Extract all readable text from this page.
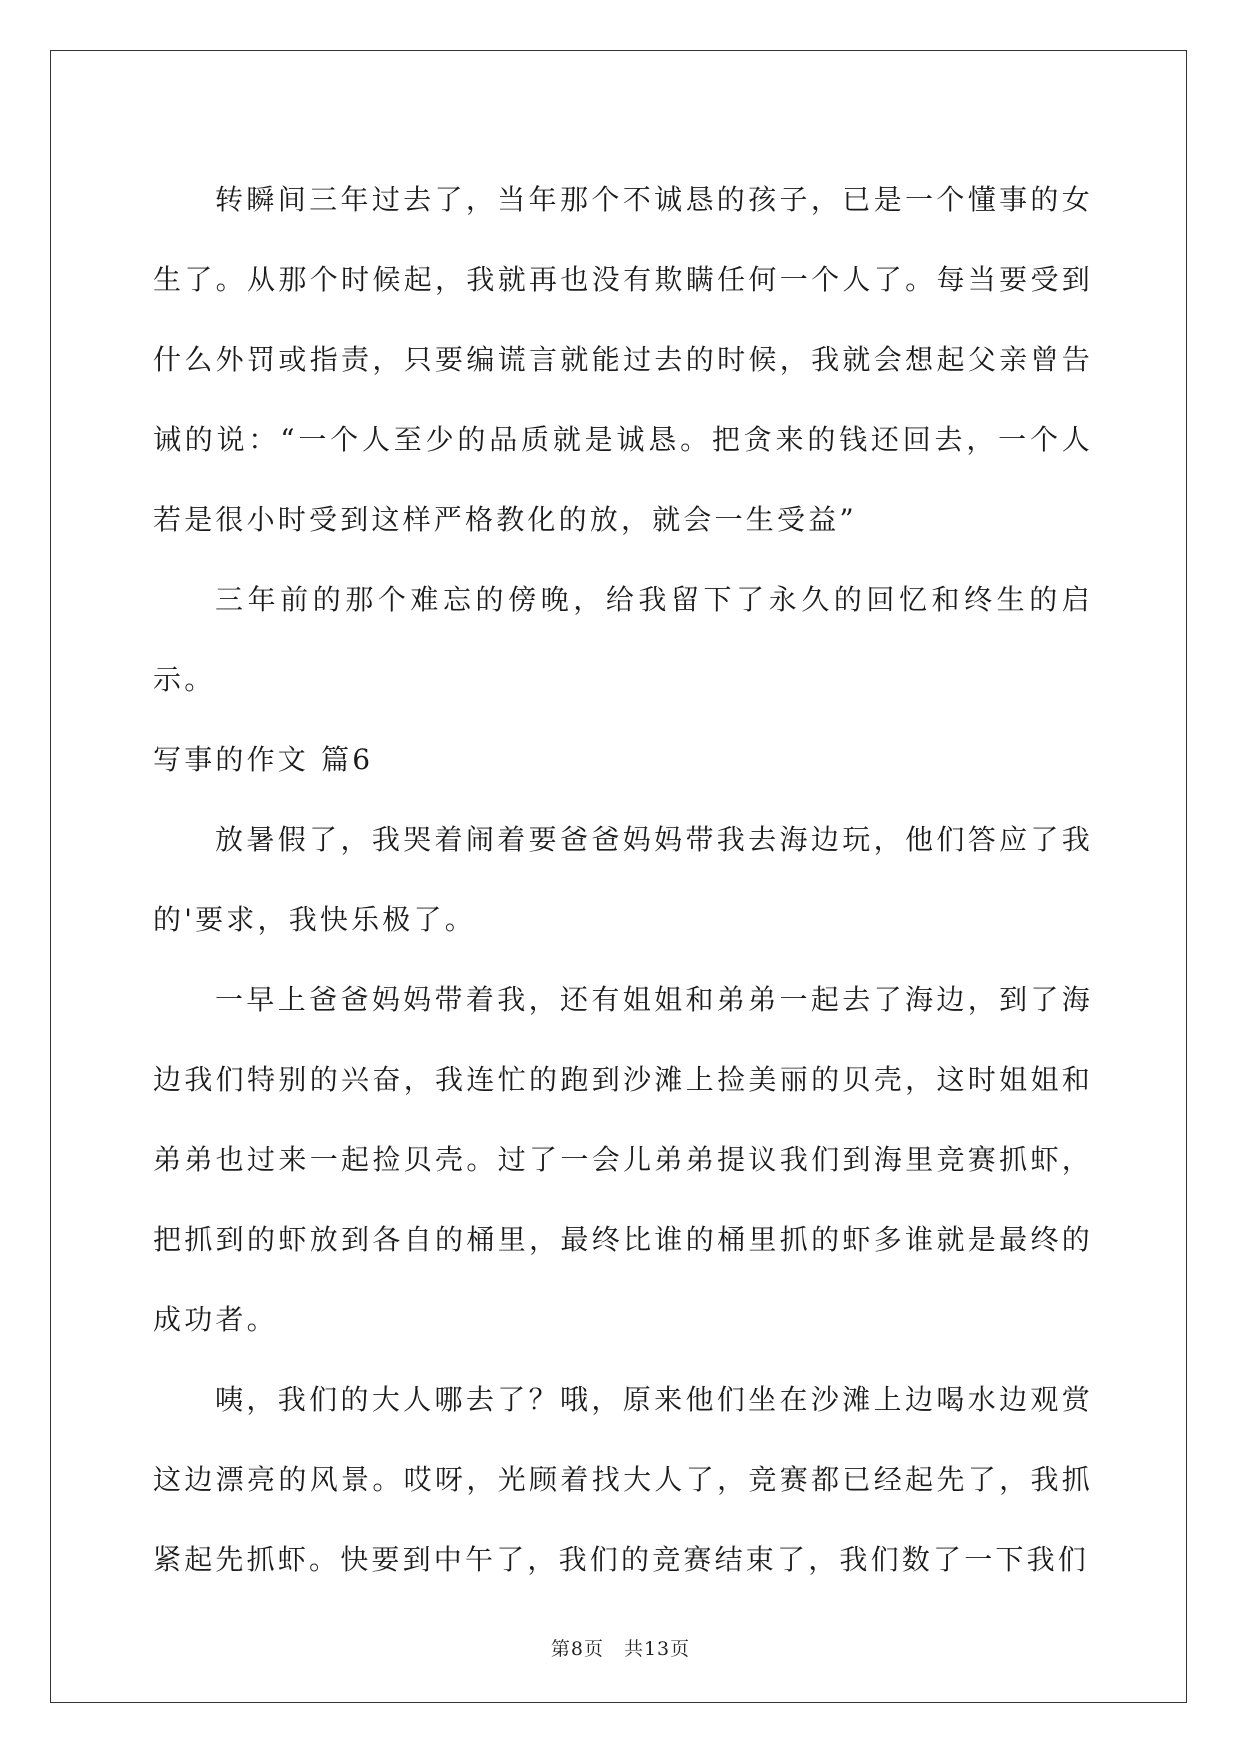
转瞬间三年过去了，当年那个不诚恳的孩子，已是一个懂事的女生了。从那个时候起，我就再也没有欺瞒任何一个人了。每当要受到什么外罚或指责，只要编谎言就能过去的时候，我就会想起父亲曾告诫的说：“一个人至少的品质就是诚恳。把贪来的钱还回去，一个人若是很小时受到这样严格教化的放，就会一生受益”

三年前的那个难忘的傍晚，给我留下了永久的回忆和终生的启示。

写事的作文 篇6

放暑假了，我哭着闹着要爸爸妈妈带我去海边玩，他们答应了我的'要求，我快乐极了。

一早上爸爸妈妈带着我，还有姐姐和弟弟一起去了海边，到了海边我们特别的兴奋，我连忙的跑到沙滩上捡美丽的贝壳，这时姐姐和弟弟也过来一起捡贝壳。过了一会儿弟弟提议我们到海里竞赛抓虾，把抓到的虾放到各自的桶里，最终比谁的桶里抓的虾多谁就是最终的成功者。

咦，我们的大人哪去了？哦，原来他们坐在沙滩上边喝水边观赏这边漂亮的风景。哎呀，光顾着找大人了，竞赛都已经起先了，我抓紧起先抓虾。快要到中午了，我们的竞赛结束了，我们数了一下我们

第8页　共13页
